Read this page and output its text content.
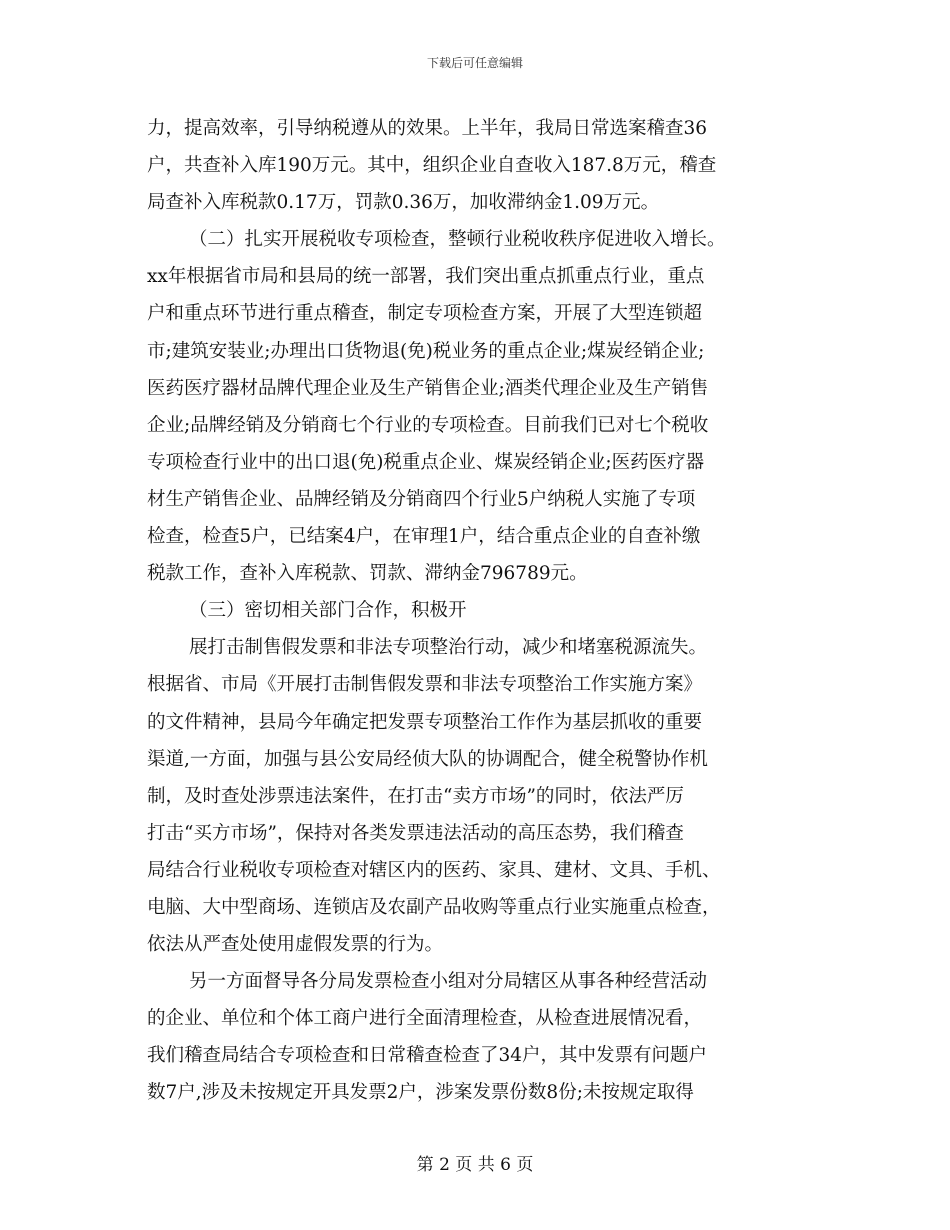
下载后可任意编辑
力，提高效率，引导纳税遵从的效果。上半年，我局日常选案稽查36
户，共查补入库190万元。其中，组织企业自查收入187.8万元，稽查
局查补入库税款0.17万，罚款0.36万，加收滞纳金1.09万元。
（二）扎实开展税收专项检查，整顿行业税收秩序促进收入增长。
xx年根据省市局和县局的统一部署，我们突出重点抓重点行业，重点
户和重点环节进行重点稽查，制定专项检查方案，开展了大型连锁超
市;建筑安装业;办理出口货物退(免)税业务的重点企业;煤炭经销企业;
医药医疗器材品牌代理企业及生产销售企业;酒类代理企业及生产销售
企业;品牌经销及分销商七个行业的专项检查。目前我们已对七个税收
专项检查行业中的出口退(免)税重点企业、煤炭经销企业;医药医疗器
材生产销售企业、品牌经销及分销商四个行业5户纳税人实施了专项
检查，检查5户，已结案4户，在审理1户，结合重点企业的自查补缴
税款工作，查补入库税款、罚款、滞纳金796789元。
（三）密切相关部门合作，积极开
展打击制售假发票和非法专项整治行动，减少和堵塞税源流失。
根据省、市局《开展打击制售假发票和非法专项整治工作实施方案》
的文件精神，县局今年确定把发票专项整治工作作为基层抓收的重要
渠道,一方面，加强与县公安局经侦大队的协调配合，健全税警协作机
制，及时查处涉票违法案件，在打击“卖方市场”的同时，依法严厉
打击“买方市场”，保持对各类发票违法活动的高压态势，我们稽查
局结合行业税收专项检查对辖区内的医药、家具、建材、文具、手机、
电脑、大中型商场、连锁店及农副产品收购等重点行业实施重点检查，
依法从严查处使用虚假发票的行为。
另一方面督导各分局发票检查小组对分局辖区从事各种经营活动
的企业、单位和个体工商户进行全面清理检查，从检查进展情况看，
我们稽查局结合专项检查和日常稽查检查了34户，其中发票有问题户
数7户,涉及未按规定开具发票2户，涉案发票份数8份;未按规定取得
第 2 页 共 6 页
